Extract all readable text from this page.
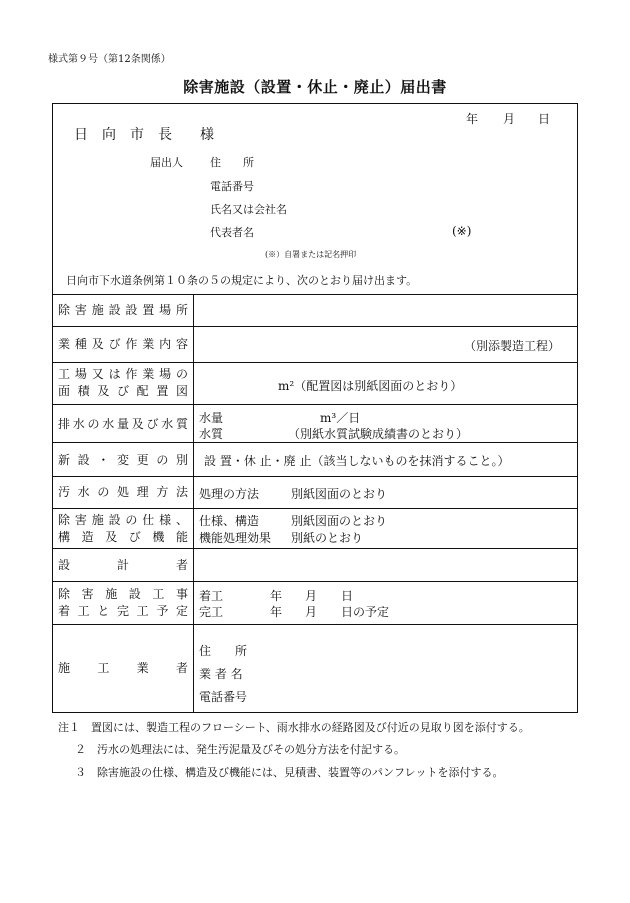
様式第９号（第12条関係）
除害施設（設置・休止・廃止）届出書
年 月 日
日　向　市　長　　様
届出人 住　　所
電話番号
氏名又は会社名
代表者名	(※)
(※）自署または記名押印
日向市下水道条例第１０条の５の規定により、次のとおり届け出ます。
除害施設設置場所
業種及び作業内容	（別添製造工程）
工場又は作業場の
面積及び配置図	m²（配置図は別紙図面のとおり）
排水の水量及び水質 水量	m³／日
水質	（別紙水質試験成績書のとおり）
新設・変更の別 設 置・休 止・廃 止（該当しないものを抹消すること。）
汚水の処理方法 処理の方法	別紙図面のとおり
除害施設の仕様、
構造及び機能
仕様、構造	別紙図面のとおり
機能処理効果 別紙のとおり
設計者
除害施設工事
着工と完工予定
着工	年 月 日
完工	年 月 日の予定
施工業者
住　　所
業 者 名
電話番号
注１　置図には、製造工程のフローシート、雨水排水の経路図及び付近の見取り図を添付する。
２　汚水の処理法には、発生汚泥量及びその処分方法を付記する。
３　除害施設の仕様、構造及び機能には、見積書、装置等のパンフレットを添付する。
